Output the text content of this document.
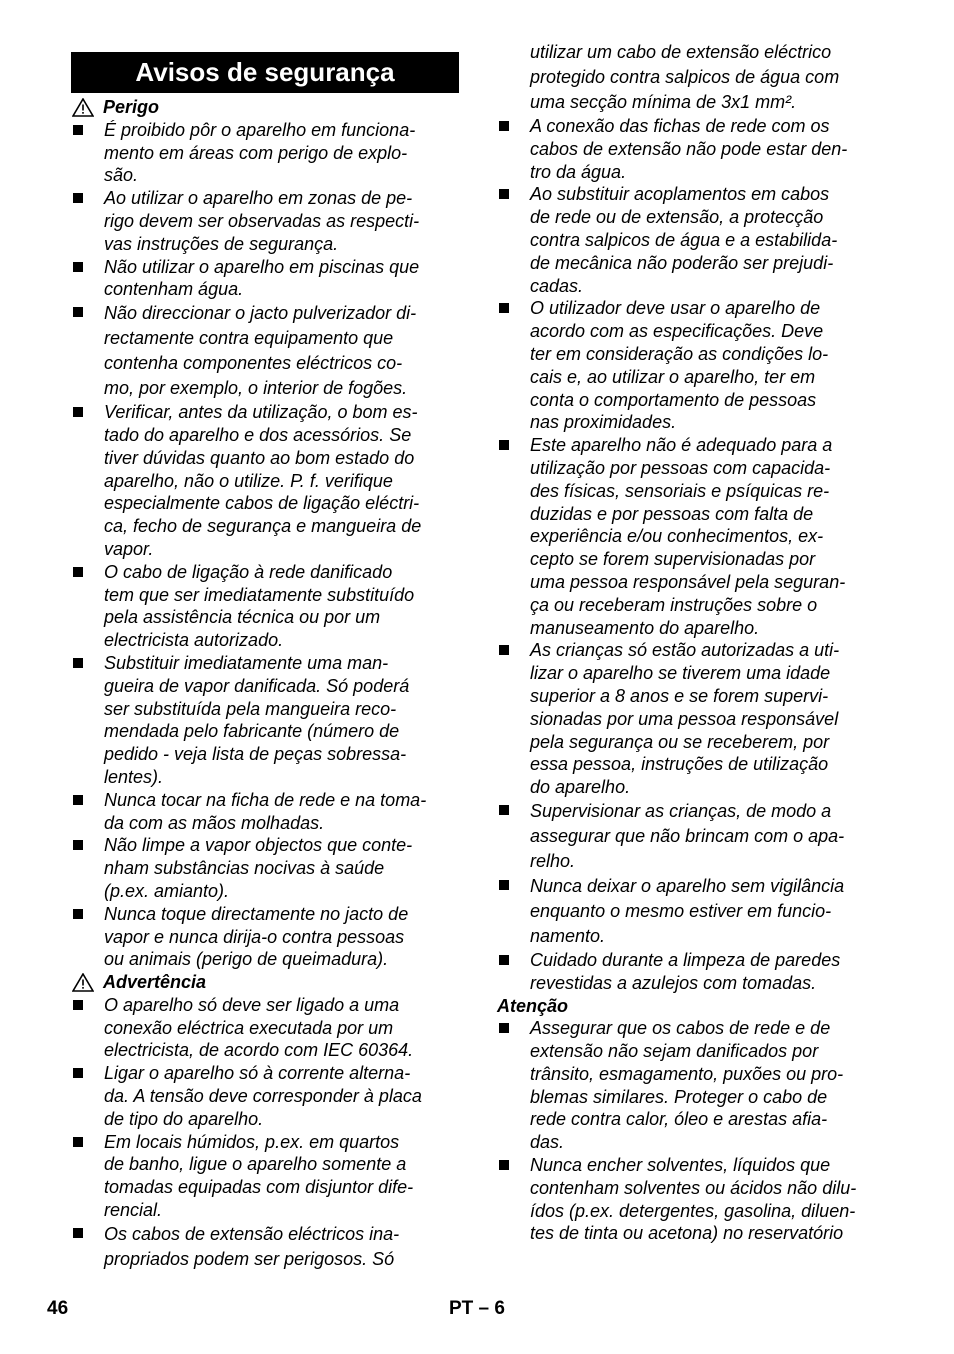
Avisos de segurança
Perigo
É proibido pôr o aparelho em funciona-
mento em áreas com perigo de explo-
são.
Ao utilizar o aparelho em zonas de pe-
rigo devem ser observadas as respecti-
vas instruções de segurança.
Não utilizar o aparelho em piscinas que
contenham água.
Não direccionar o jacto pulverizador di-
rectamente contra equipamento que
contenha componentes eléctricos co-
mo, por exemplo, o interior de fogões.
Verificar, antes da utilização, o bom es-
tado do aparelho e dos acessórios. Se
tiver dúvidas quanto ao bom estado do
aparelho, não o utilize. P. f. verifique
especialmente cabos de ligação eléctri-
ca, fecho de segurança e mangueira de
vapor.
O cabo de ligação à rede danificado
tem que ser imediatamente substituído
pela assistência técnica ou por um
electricista autorizado.
Substituir imediatamente uma man-
gueira de vapor danificada. Só poderá
ser substituída pela mangueira reco-
mendada pelo fabricante (número de
pedido - veja lista de peças sobressa-
lentes).
Nunca tocar na ficha de rede e na toma-
da com as mãos molhadas.
Não limpe a vapor objectos que conte-
nham substâncias nocivas à saúde
(p.ex. amianto).
Nunca toque directamente no jacto de
vapor e nunca dirija-o contra pessoas
ou animais (perigo de queimadura).
Advertência
O aparelho só deve ser ligado a uma
conexão eléctrica executada por um
electricista, de acordo com IEC 60364.
Ligar o aparelho só à corrente alterna-
da. A tensão deve corresponder à placa
de tipo do aparelho.
Em locais húmidos, p.ex. em quartos
de banho, ligue o aparelho somente a
tomadas equipadas com disjuntor dife-
rencial.
Os cabos de extensão eléctricos ina-
propriados podem ser perigosos. Só
utilizar um cabo de extensão eléctrico
protegido contra salpicos de água com
uma secção mínima de 3x1 mm².
A conexão das fichas de rede com os
cabos de extensão não pode estar den-
tro da água.
Ao substituir acoplamentos em cabos
de rede ou de extensão, a protecção
contra salpicos de água e a estabilida-
de mecânica não poderão ser prejudi-
cadas.
O utilizador deve usar o aparelho de
acordo com as especificações. Deve
ter em consideração as condições lo-
cais e, ao utilizar o aparelho, ter em
conta o comportamento de pessoas
nas proximidades.
Este aparelho não é adequado para a
utilização por pessoas com capacida-
des físicas, sensoriais e psíquicas re-
duzidas e por pessoas com falta de
experiência e/ou conhecimentos, ex-
cepto se forem supervisionadas por
uma pessoa responsável pela seguran-
ça ou receberam instruções sobre o
manuseamento do aparelho.
As crianças só estão autorizadas a uti-
lizar o aparelho se tiverem uma idade
superior a 8 anos e se forem supervi-
sionadas por uma pessoa responsável
pela segurança ou se receberem, por
essa pessoa, instruções de utilização
do aparelho.
Supervisionar as crianças, de modo a
assegurar que não brincam com o apa-
relho.
Nunca deixar o aparelho sem vigilância
enquanto o mesmo estiver em funcio-
namento.
Cuidado durante a limpeza de paredes
revestidas a azulejos com tomadas.
Atenção
Assegurar que os cabos de rede e de
extensão não sejam danificados por
trânsito, esmagamento, puxões ou pro-
blemas similares. Proteger o cabo de
rede contra calor, óleo e arestas afia-
das.
Nunca encher solventes, líquidos que
contenham solventes ou ácidos não dilu-
ídos (p.ex. detergentes, gasolina, diluen-
tes de tinta ou acetona) no reservatório
46	PT – 6
